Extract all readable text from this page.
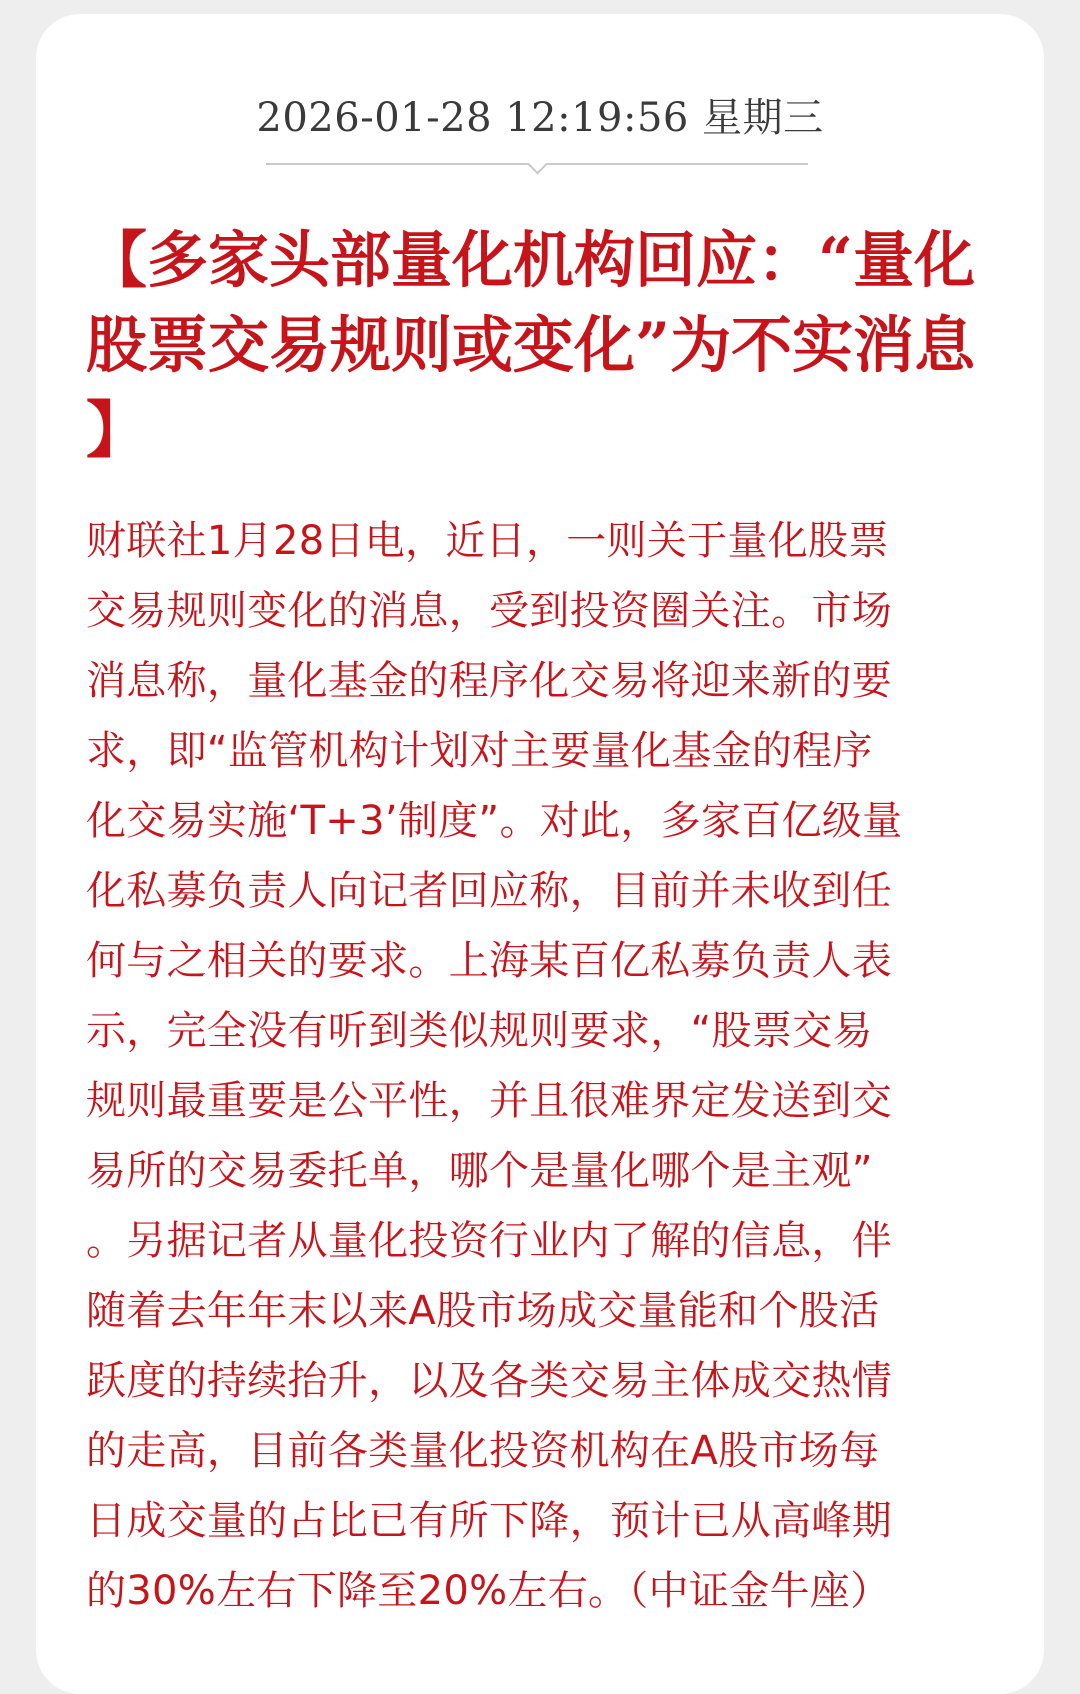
2026-01-28 12:19:56 星期三
【多家头部量化机构回应：“量化
股票交易规则或变化”为不实消息
】
财联社1月28日电，近日，一则关于量化股票
交易规则变化的消息，受到投资圈关注。市场
消息称，量化基金的程序化交易将迎来新的要
求，即“监管机构计划对主要量化基金的程序
化交易实施‘T+3’制度”。对此，多家百亿级量
化私募负责人向记者回应称，目前并未收到任
何与之相关的要求。上海某百亿私募负责人表
示，完全没有听到类似规则要求，“股票交易
规则最重要是公平性，并且很难界定发送到交
易所的交易委托单，哪个是量化哪个是主观”
。另据记者从量化投资行业内了解的信息，伴
随着去年年末以来A股市场成交量能和个股活
跃度的持续抬升，以及各类交易主体成交热情
的走高，目前各类量化投资机构在A股市场每
日成交量的占比已有所下降，预计已从高峰期
的30%左右下降至20%左右。（中证金牛座）
